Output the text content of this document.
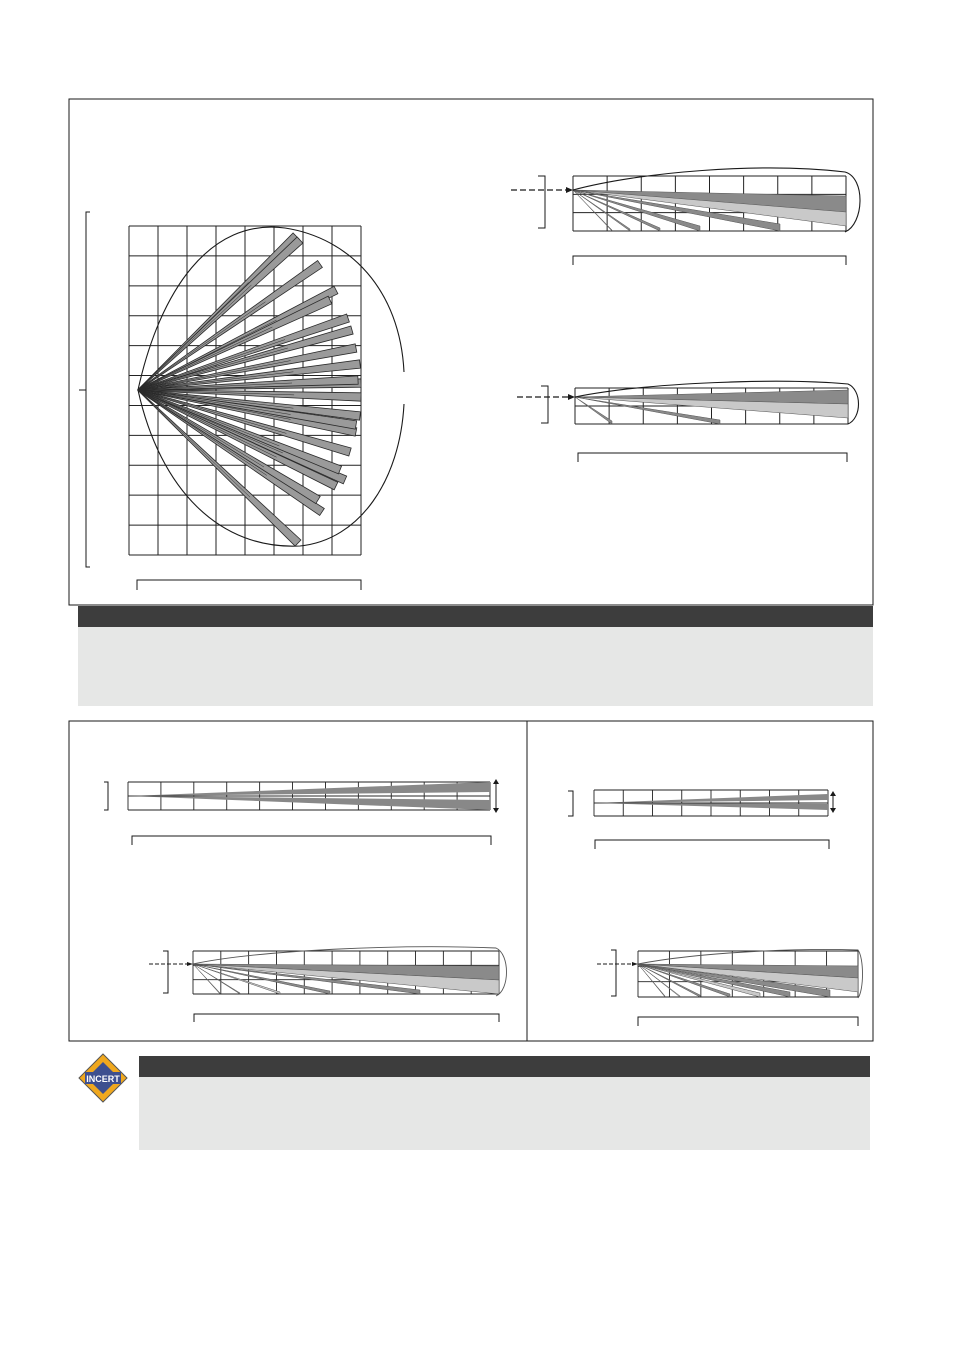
INCERT
